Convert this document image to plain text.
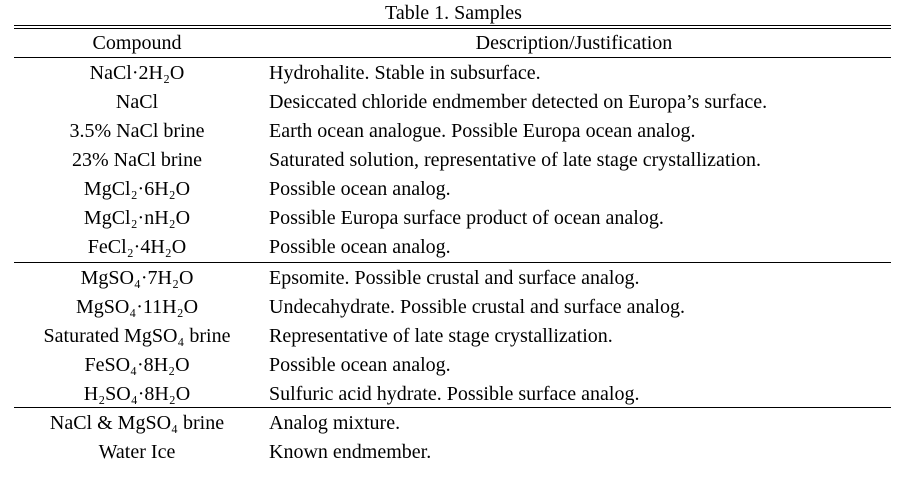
Table 1. Samples
Compound	Description/Justification
NaCl·2H₂O	Hydrohalite. Stable in subsurface.
NaCl	Desiccated chloride endmember detected on Europa’s surface.
3.5% NaCl brine	Earth ocean analogue. Possible Europa ocean analog.
23% NaCl brine	Saturated solution, representative of late stage crystallization.
MgCl₂·6H₂O	Possible ocean analog.
MgCl₂·nH₂O	Possible Europa surface product of ocean analog.
FeCl₂·4H₂O	Possible ocean analog.
MgSO₄·7H₂O	Epsomite. Possible crustal and surface analog.
MgSO₄·11H₂O	Undecahydrate. Possible crustal and surface analog.
Saturated MgSO₄ brine	Representative of late stage crystallization.
FeSO₄·8H₂O	Possible ocean analog.
H₂SO₄·8H₂O	Sulfuric acid hydrate. Possible surface analog.
NaCl & MgSO₄ brine	Analog mixture.
Water Ice	Known endmember.
